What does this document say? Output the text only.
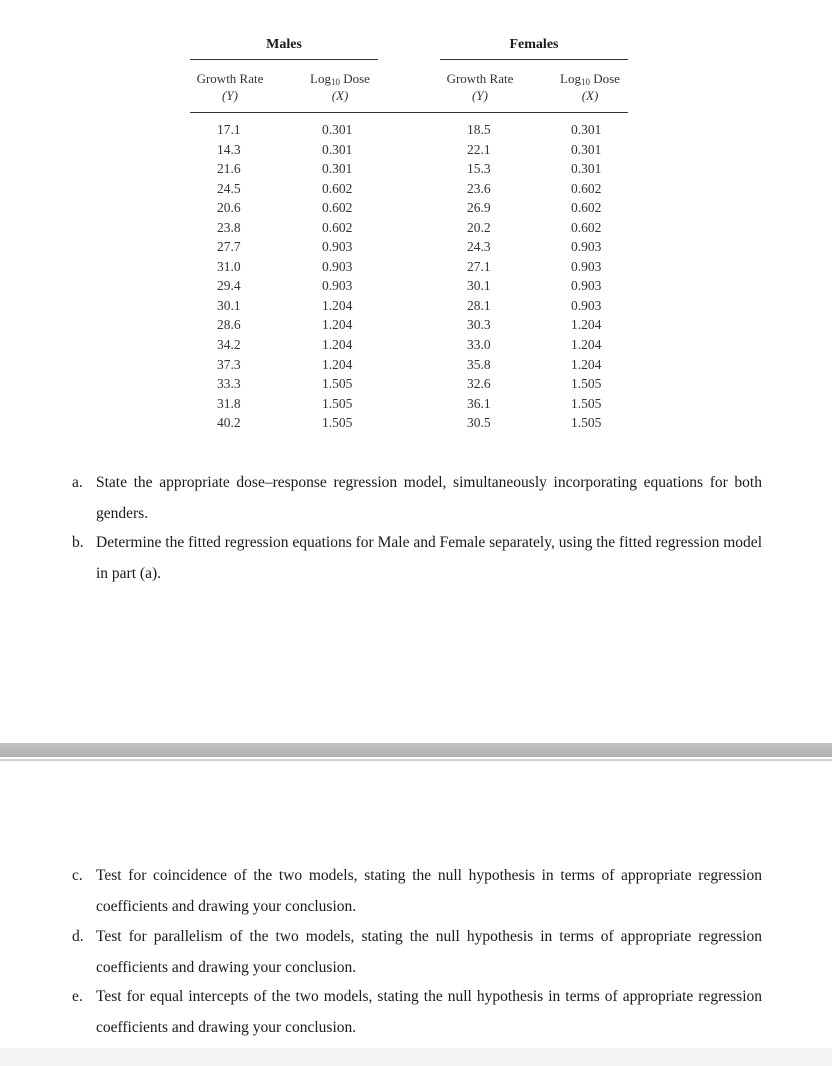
Males	Females
Growth Rate
(Y)
Log$_{10}$ Dose
(X)
Growth Rate
(Y)
Log$_{10}$ Dose
(X)
17.1
14.3
21.6
24.5
20.6
23.8
27.7
31.0
29.4
30.1
28.6
34.2
37.3
33.3
31.8
40.2
0.301
0.301
0.301
0.602
0.602
0.602
0.903
0.903
0.903
1.204
1.204
1.204
1.204
1.505
1.505
1.505
18.5
22.1
15.3
23.6
26.9
20.2
24.3
27.1
30.1
28.1
30.3
33.0
35.8
32.6
36.1
30.5
0.301
0.301
0.301
0.602
0.602
0.602
0.903
0.903
0.903
0.903
1.204
1.204
1.204
1.505
1.505
1.505
a. State the appropriate dose–response regression model, simultaneously incorporating equations for both genders.
b. Determine the fitted regression equations for Male and Female separately, using the fitted regression model in part (a).
c. Test for coincidence of the two models, stating the null hypothesis in terms of appropriate regression coefficients and drawing your conclusion.
d. Test for parallelism of the two models, stating the null hypothesis in terms of appropriate regression coefficients and drawing your conclusion.
e. Test for equal intercepts of the two models, stating the null hypothesis in terms of appropriate regression coefficients and drawing your conclusion.
